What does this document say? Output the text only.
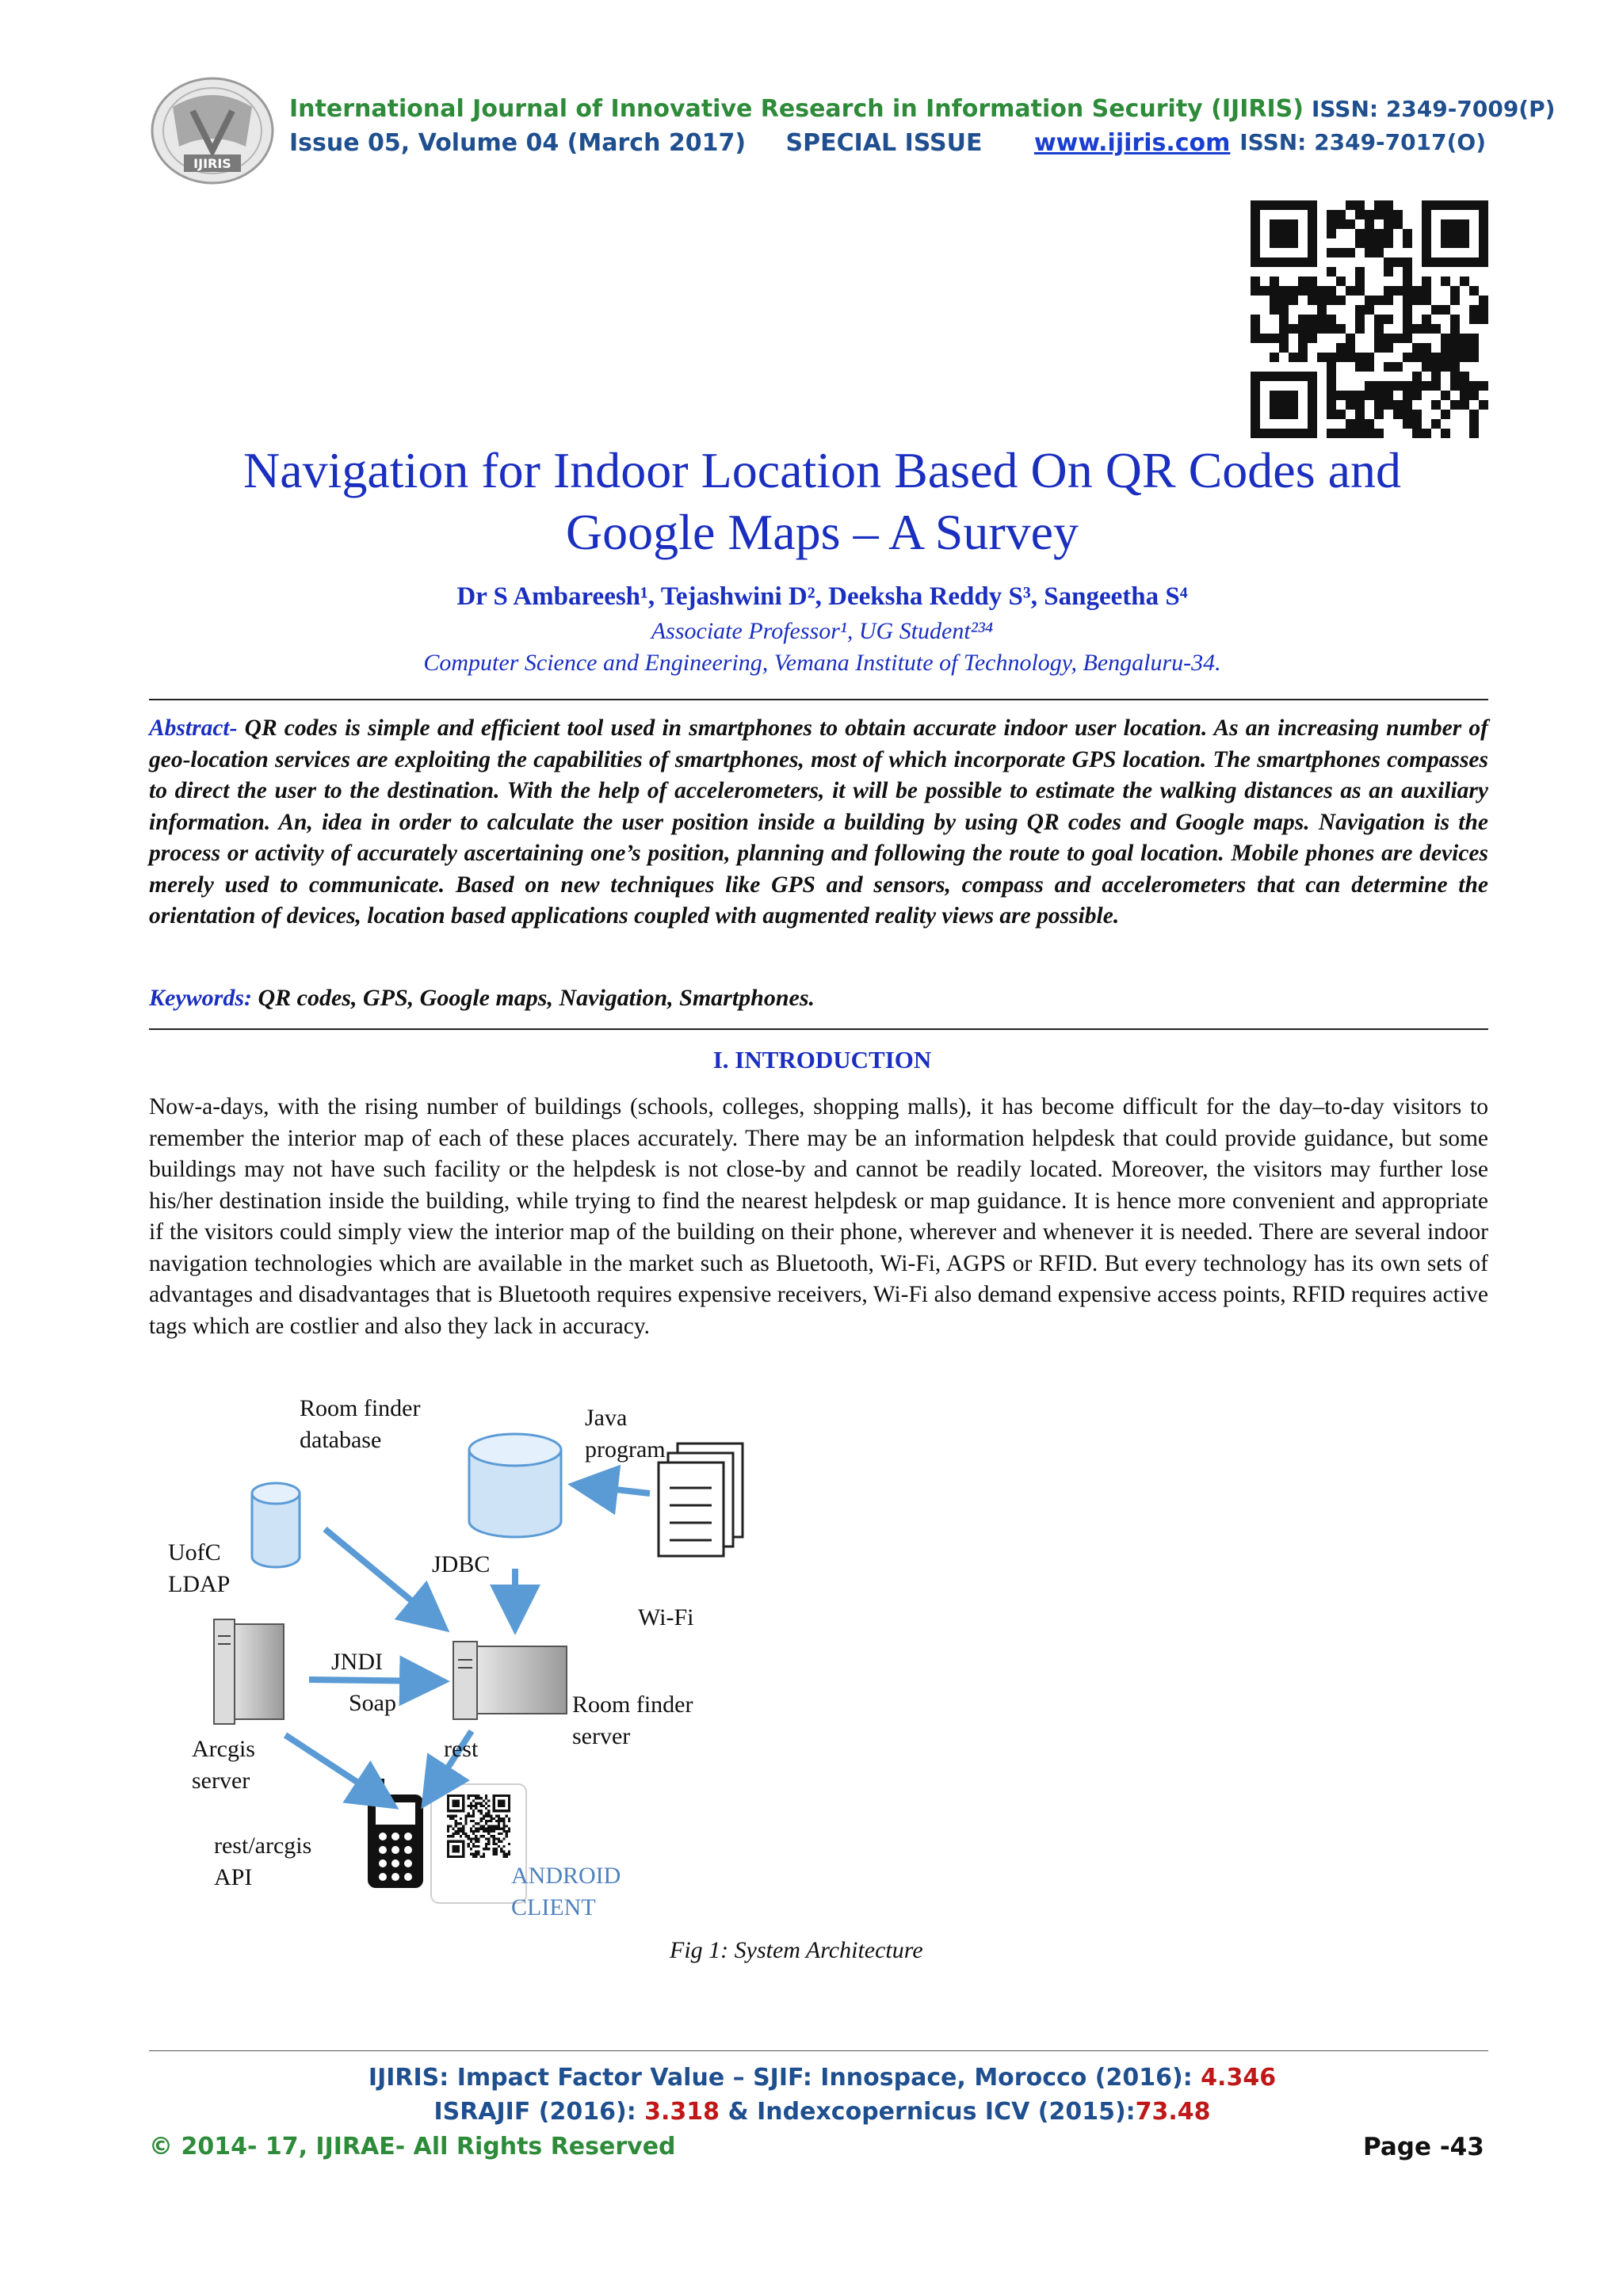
IJIRIS
International Journal of Innovative Research in Information Security (IJIRIS) ISSN: 2349-7009(P)
Issue 05, Volume 04 (March 2017) SPECIAL ISSUE www.ijiris.com ISSN: 2349-7017(O)
Navigation for Indoor Location Based On QR Codes and
Google Maps – A Survey
Dr S Ambareesh¹, Tejashwini D², Deeksha Reddy S³, Sangeetha S⁴
Associate Professor¹, UG Student²³⁴
Computer Science and Engineering, Vemana Institute of Technology, Bengaluru-34.
Abstract- QR codes is simple and efficient tool used in smartphones to obtain accurate indoor user location. As an increasing number of geo-location services are exploiting the capabilities of smartphones, most of which incorporate GPS location. The smartphones compasses to direct the user to the destination. With the help of accelerometers, it will be possible to estimate the walking distances as an auxiliary information. An, idea in order to calculate the user position inside a building by using QR codes and Google maps. Navigation is the process or activity of accurately ascertaining one’s position, planning and following the route to goal location. Mobile phones are devices merely used to communicate. Based on new techniques like GPS and sensors, compass and accelerometers that can determine the orientation of devices, location based applications coupled with augmented reality views are possible.
Keywords: QR codes, GPS, Google maps, Navigation, Smartphones.
I. INTRODUCTION
Now-a-days, with the rising number of buildings (schools, colleges, shopping malls), it has become difficult for the day–to-day visitors to remember the interior map of each of these places accurately. There may be an information helpdesk that could provide guidance, but some buildings may not have such facility or the helpdesk is not close-by and cannot be readily located. Moreover, the visitors may further lose his/her destination inside the building, while trying to find the nearest helpdesk or map guidance. It is hence more convenient and appropriate if the visitors could simply view the interior map of the building on their phone, wherever and whenever it is needed. There are several indoor navigation technologies which are available in the market such as Bluetooth, Wi-Fi, AGPS or RFID. But every technology has its own sets of advantages and disadvantages that is Bluetooth requires expensive receivers, Wi-Fi also demand expensive access points, RFID requires active tags which are costlier and also they lack in accuracy.
Room finder
database
Java
program
UofC
LDAP
JDBC
Wi-Fi
JNDI
Soap	Room finder
server
Arcgis
server
rest
rest/arcgis
API	ANDROID
CLIENT
Fig 1: System Architecture
IJIRIS: Impact Factor Value – SJIF: Innospace, Morocco (2016): 4.346
ISRAJIF (2016): 3.318 & Indexcopernicus ICV (2015):73.48
© 2014- 17, IJIRAE- All Rights Reserved	Page -43
